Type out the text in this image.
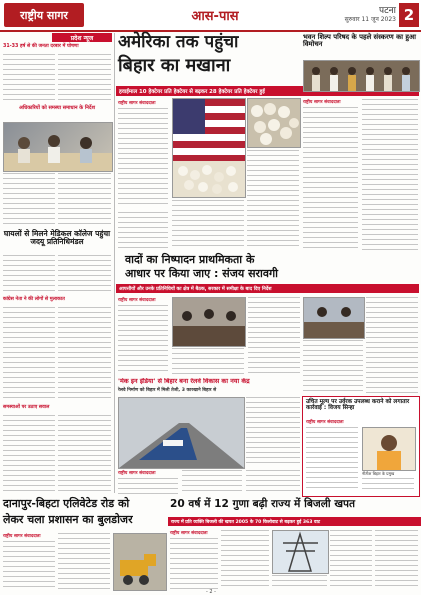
राष्ट्रीय सागर	आस-पास	पटना
सुरुवार 11 जून 2023 2
प्रदेश न्यूज
31-33 हर्ष से की जनता दरबार में घोषणा
अधिकारियों को समस्या समाधान के निर्देश
घायलों से मिलने मेडिकल कॉलेज पहुंचा जदयू प्रतिनिधिमंडल
कांग्रेस नेता ने की लोगों से मुलाकात
समस्याओं पर उठाए सवाल
अमेरिका तक पहुंचा
बिहार का मखाना
हवाईमाल 10 हेक्टेयर प्रति हेक्टेयर से बढ़कर 28 हेक्टेयर प्रति हेक्टेयर हुई
राष्ट्रीय सागर संवाददाता
भवन शिल्प परिषद के पहले संस्करण का हुआ विमोचन
राष्ट्रीय सागर संवाददाता
वादों का निष्पादन प्राथमिकता के
आधार पर किया जाए : संजय सरावगी
आपत्तीयों और उनके प्रतिनिधियों का क्षेत्र में बैठक, सरकार में समीक्षा के बाद दिए निर्देश
राष्ट्रीय सागर संवाददाता
'मेक इन इंडिया' से बिहार बना रेलवे विकास का नया केंद्र
रेलवे निर्माण को बिहार में मिली तेजी, 3 कारखाने बिहार से
राष्ट्रीय सागर संवाददाता
उचित मूल्य पर उर्वरक उपलब्ध कराने को लगातार कार्रवाई : विजय सिन्हा
राष्ट्रीय सागर संवाददाता
नीतीश बिहार के प्रमुख
दानापुर-बिहटा एलिवेटेड रोड को
लेकर चला प्रशासन का बुलडोजर
राष्ट्रीय सागर संवाददाता
20 वर्ष में 12 गुणा बढ़ी राज्य में बिजली खपत
राज्य में प्रति व्यक्ति बिजली की खपत 2005 के 70 किलोवाट से बढ़कर हुई 363 वाट
राष्ट्रीय सागर संवाददाता
- 2 -
